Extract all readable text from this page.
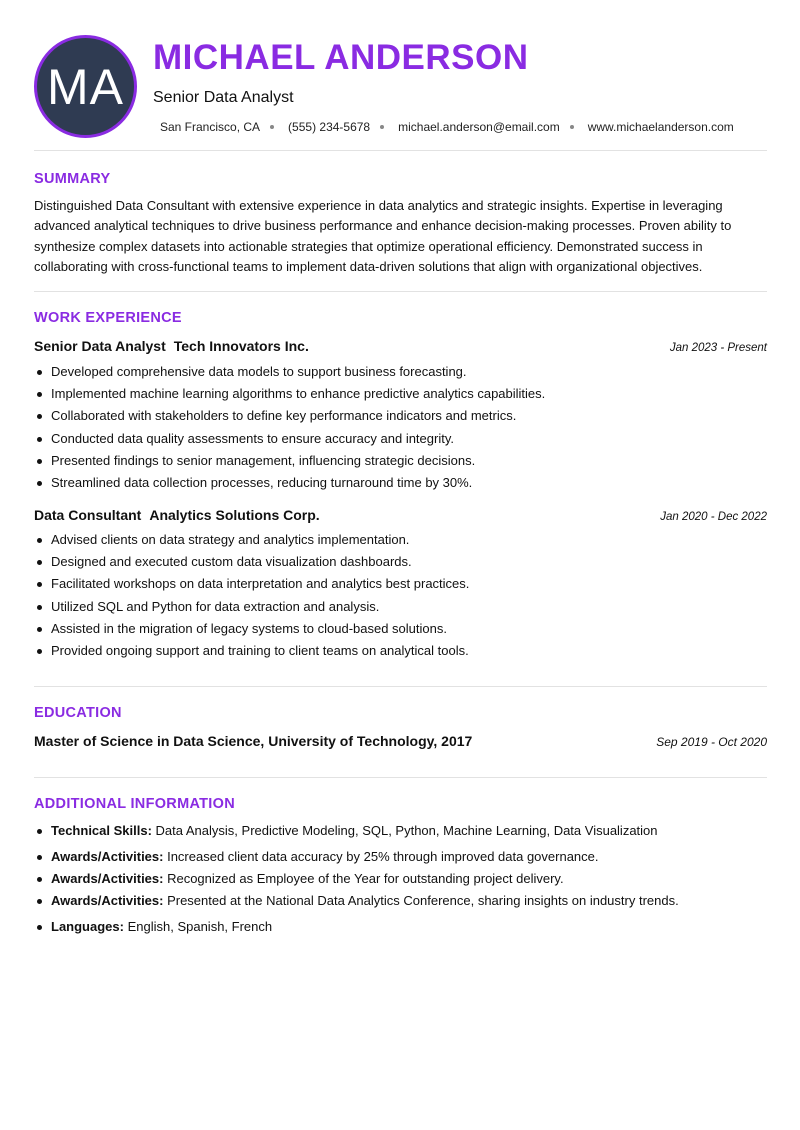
MA
MICHAEL ANDERSON
Senior Data Analyst
San Francisco, CA (555) 234-5678 michael.anderson@email.com www.michaelanderson.com
SUMMARY
Distinguished Data Consultant with extensive experience in data analytics and strategic insights. Expertise in leveraging advanced analytical techniques to drive business performance and enhance decision-making processes. Proven ability to synthesize complex datasets into actionable strategies that optimize operational efficiency. Demonstrated success in collaborating with cross-functional teams to implement data-driven solutions that align with organizational objectives.
WORK EXPERIENCE
Senior Data Analyst Tech Innovators Inc.	Jan 2023 - Present
Developed comprehensive data models to support business forecasting.
Implemented machine learning algorithms to enhance predictive analytics capabilities.
Collaborated with stakeholders to define key performance indicators and metrics.
Conducted data quality assessments to ensure accuracy and integrity.
Presented findings to senior management, influencing strategic decisions.
Streamlined data collection processes, reducing turnaround time by 30%.
Data Consultant Analytics Solutions Corp.	Jan 2020 - Dec 2022
Advised clients on data strategy and analytics implementation.
Designed and executed custom data visualization dashboards.
Facilitated workshops on data interpretation and analytics best practices.
Utilized SQL and Python for data extraction and analysis.
Assisted in the migration of legacy systems to cloud-based solutions.
Provided ongoing support and training to client teams on analytical tools.
EDUCATION
Master of Science in Data Science, University of Technology, 2017	Sep 2019 - Oct 2020
ADDITIONAL INFORMATION
Technical Skills: Data Analysis, Predictive Modeling, SQL, Python, Machine Learning, Data Visualization
Awards/Activities: Increased client data accuracy by 25% through improved data governance.
Awards/Activities: Recognized as Employee of the Year for outstanding project delivery.
Awards/Activities: Presented at the National Data Analytics Conference, sharing insights on industry trends.
Languages: English, Spanish, French
